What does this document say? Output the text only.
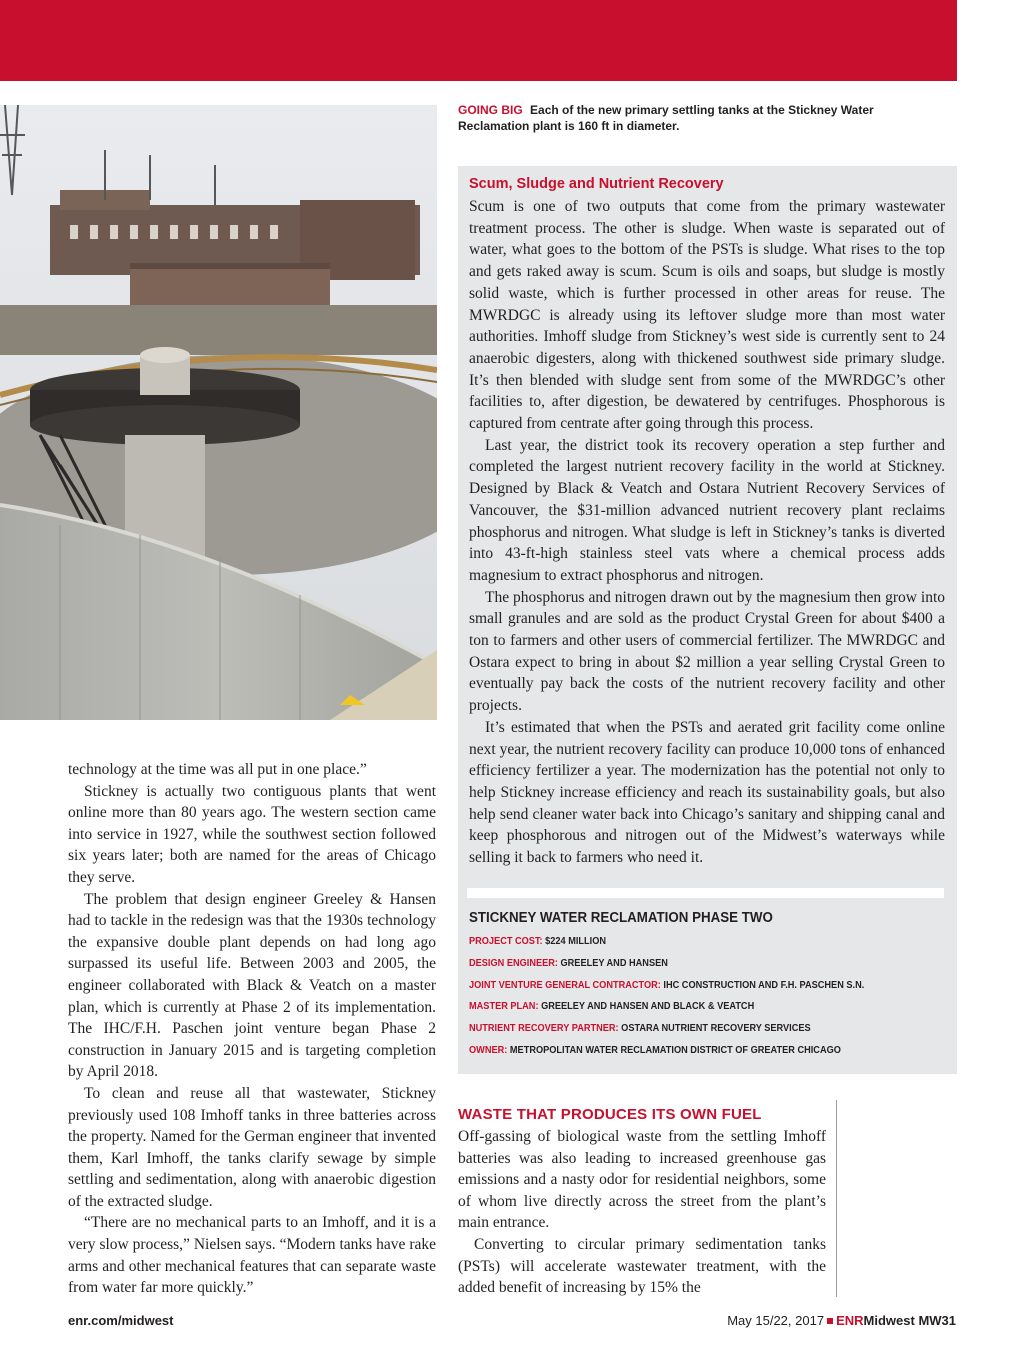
GOING BIG Each of the new primary settling tanks at the Stickney Water Reclamation plant is 160 ft in diameter.
Scum, Sludge and Nutrient Recovery

Scum is one of two outputs that come from the primary wastewater treatment process. The other is sludge. When waste is separated out of water, what goes to the bottom of the PSTs is sludge. What rises to the top and gets raked away is scum. Scum is oils and soaps, but sludge is mostly solid waste, which is further processed in other areas for reuse. The MWRDGC is already using its leftover sludge more than most water authorities. Imhoff sludge from Stickney’s west side is currently sent to 24 anaerobic digesters, along with thickened southwest side primary sludge. It’s then blended with sludge sent from some of the MWRDGC’s other facilities to, after digestion, be dewatered by centrifuges. Phosphorous is captured from centrate after going through this process.

Last year, the district took its recovery operation a step further and completed the largest nutrient recovery facility in the world at Stickney. Designed by Black & Veatch and Ostara Nutrient Recovery Services of Vancouver, the $31-million advanced nutrient recovery plant reclaims phosphorus and nitrogen. What sludge is left in Stickney’s tanks is diverted into 43-ft-high stainless steel vats where a chemical process adds magnesium to extract phosphorus and nitrogen.

The phosphorus and nitrogen drawn out by the magnesium then grow into small granules and are sold as the product Crystal Green for about $400 a ton to farmers and other users of commercial fertilizer. The MWRDGC and Ostara expect to bring in about $2 million a year selling Crystal Green to eventually pay back the costs of the nutrient recovery facility and other projects.

It’s estimated that when the PSTs and aerated grit facility come online next year, the nutrient recovery facility can produce 10,000 tons of enhanced efficiency fertilizer a year. The modernization has the potential not only to help Stickney increase efficiency and reach its sustainability goals, but also help send cleaner water back into Chicago’s sanitary and shipping canal and keep phosphorous and nitrogen out of the Midwest’s waterways while selling it back to farmers who need it.

STICKNEY WATER RECLAMATION PHASE TWO
PROJECT COST: $224 MILLION
DESIGN ENGINEER: GREELEY AND HANSEN
JOINT VENTURE GENERAL CONTRACTOR: IHC CONSTRUCTION AND F.H. PASCHEN S.N.
MASTER PLAN: GREELEY AND HANSEN AND BLACK & VEATCH
NUTRIENT RECOVERY PARTNER: OSTARA NUTRIENT RECOVERY SERVICES
OWNER: METROPOLITAN WATER RECLAMATION DISTRICT OF GREATER CHICAGO

technology at the time was all put in one place.”

Stickney is actually two contiguous plants that went online more than 80 years ago. The western section came into service in 1927, while the southwest section followed six years later; both are named for the areas of Chicago they serve.

The problem that design engineer Greeley & Hansen had to tackle in the redesign was that the 1930s technology the expansive double plant depends on had long ago surpassed its useful life. Between 2003 and 2005, the engineer collaborated with Black & Veatch on a master plan, which is currently at Phase 2 of its implementation. The IHC/F.H. Paschen joint venture began Phase 2 construction in January 2015 and is targeting completion by April 2018.

To clean and reuse all that wastewater, Stickney previously used 108 Imhoff tanks in three batteries across the property. Named for the German engineer that invented them, Karl Imhoff, the tanks clarify sewage by simple settling and sedimentation, along with anaerobic digestion of the extracted sludge.

“There are no mechanical parts to an Imhoff, and it is a very slow process,” Nielsen says. “Modern tanks have rake arms and other mechanical features that can separate waste from water far more quickly.”

WASTE THAT PRODUCES ITS OWN FUEL

Off-gassing of biological waste from the settling Imhoff batteries was also leading to increased greenhouse gas emissions and a nasty odor for residential neighbors, some of whom live directly across the street from the plant’s main entrance.

Converting to circular primary sedimentation tanks (PSTs) will accelerate wastewater treatment, with the added benefit of increasing by 15% the

enr.com/midwest	May 15/22, 2017 ENRMidwest MW31
